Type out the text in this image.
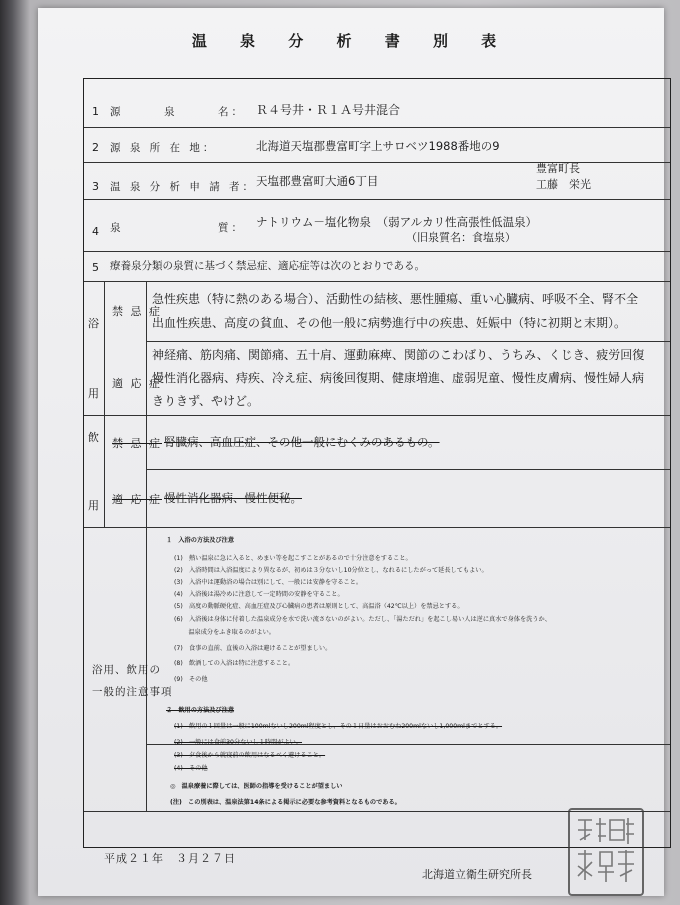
温 泉 分 析 書 別 表
1 源　　　泉　　　名： Ｒ４号井・Ｒ１Ａ号井混合
2 源 泉 所 在 地：	北海道天塩郡豊富町字上サロベツ1988番地の9
3 温 泉 分 析 申 請 者： 天塩郡豊富町大通6丁目
豊富町長
工藤　栄光
4 泉　　　　　　　質： ナトリウム－塩化物泉　（弱アルカリ性高張性低温泉）
（旧泉質名：食塩泉）
5 療養泉分類の泉質に基づく禁忌症、適応症等は次のとおりである。
浴
用
禁 忌 症
急性疾患（特に熱のある場合）、活動性の結核、悪性腫瘍、重い心臓病、呼吸不全、腎不全
出血性疾患、高度の貧血、その他一般に病勢進行中の疾患、妊娠中（特に初期と末期）。
適 応 症
神経痛、筋肉痛、関節痛、五十肩、運動麻痺、関節のこわばり、うちみ、くじき、疲労回復
慢性消化器病、痔疾、冷え症、病後回復期、健康増進、虚弱児童、慢性皮膚病、慢性婦人病
きりきず、やけど。
飲
用
禁 忌 症 腎臓病、高血圧症、その他一般にむくみのあるもの。
適 応 症 慢性消化器病、慢性便秘。
浴用、飲用の
一般的注意事項
１　入浴の方法及び注意
(1)　熱い温泉に急に入ると、めまい等を起こすことがあるので十分注意をすること。
(2)　入浴時間は入浴温度により異なるが、初めは３分ないし10分位とし、なれるにしたがって延長してもよい。
(3)　入浴中は運動浴の場合は別にして、一般には安静を守ること。
(4)　入浴後は湯冷めに注意して一定時間の安静を守ること。
(5)　高度の動脈硬化症、高血圧症及び心臓病の患者は原則として、高温浴（42℃以上）を禁忌とする。
(6)　入浴後は身体に付着した温泉成分を水で洗い流さないのがよい。ただし、「湯ただれ」を起こし易い人は逆に真水で身体を洗うか、
　　 温泉成分をふき取るのがよい。
(7)　食事の直前、直後の入浴は避けることが望ましい。
(8)　飲酒しての入浴は特に注意すること。
(9)　その他
２　飲用の方法及び注意
(1)　飲用の１回量は一般に100mlないし200ml程度とし、その１日量はおおむね200mlないし1,000mlまでとする。
(2)　一般には食前30分ないし１時間がよい。
(3)　夕食後から就寝前の飲用はなるべく避けること。
(4)　その他
◎　温泉療養に際しては、医師の指導を受けることが望ましい
(注)　この別表は、温泉法第14条による掲示に必要な参考資料となるものである。
平成２１年　３月２７日
北海道立衛生研究所長
